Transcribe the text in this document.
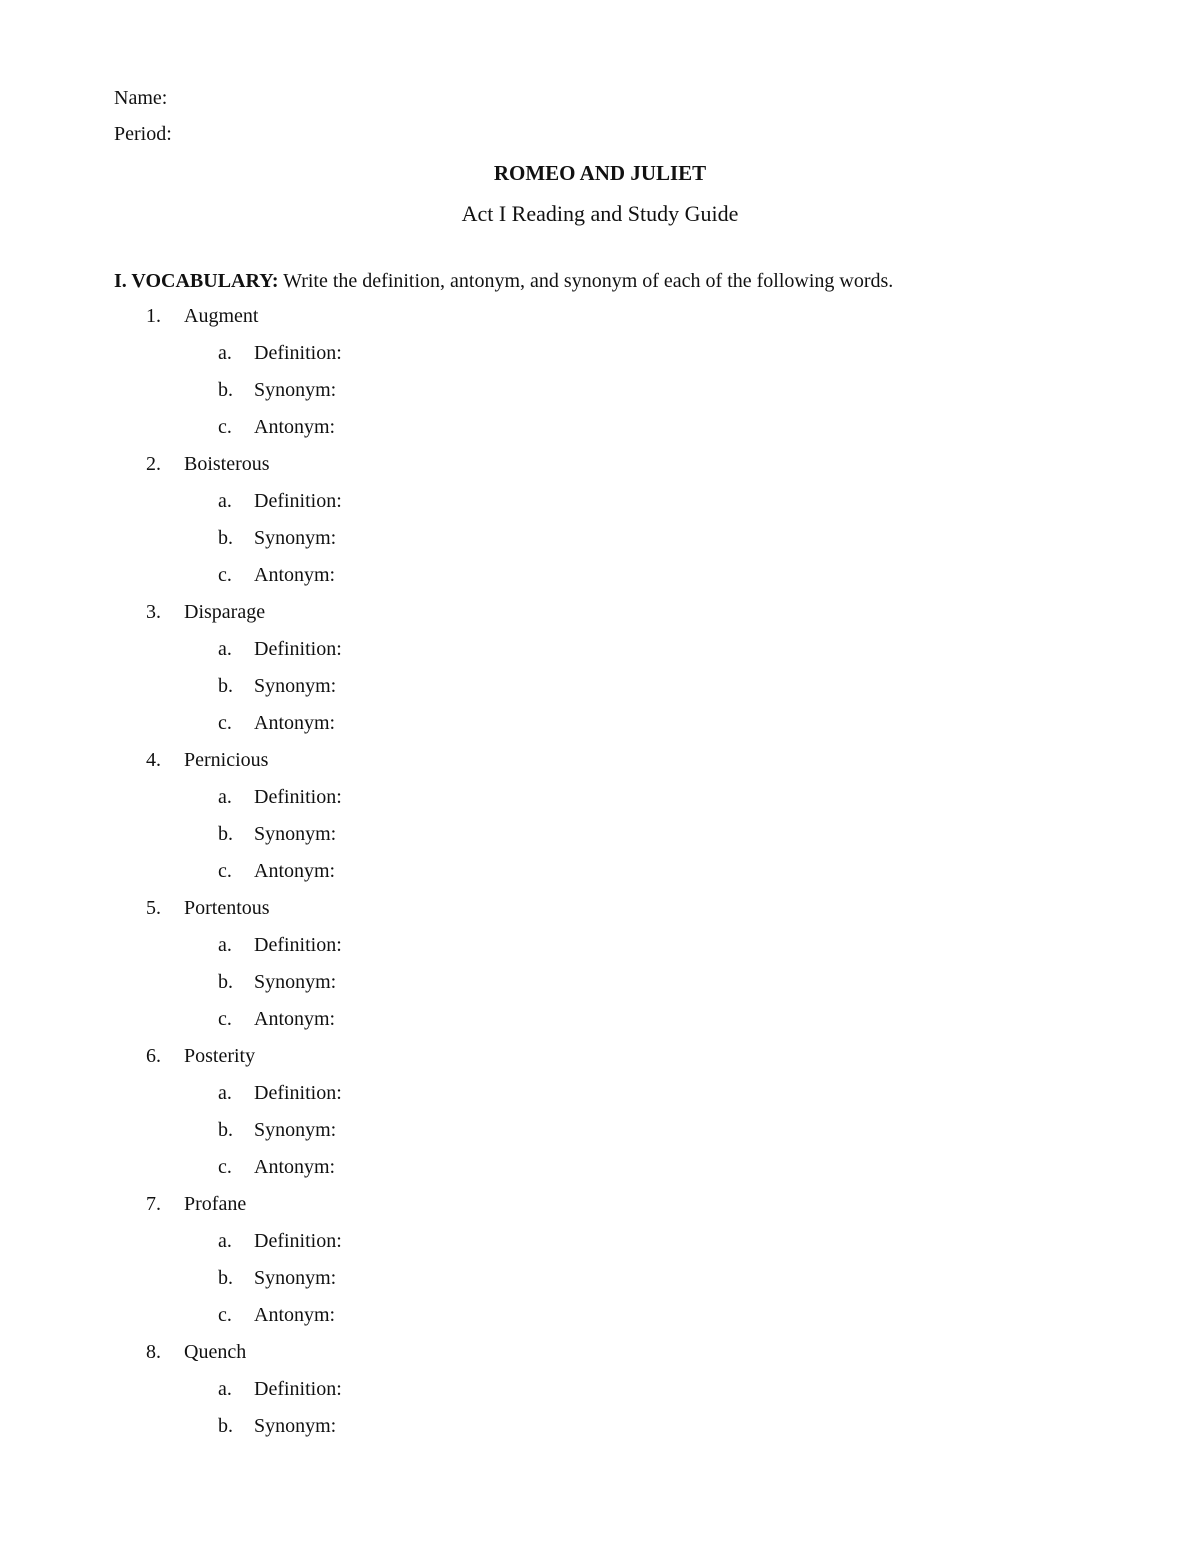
Name:
Period:
ROMEO AND JULIET
Act I Reading and Study Guide
I. VOCABULARY: Write the definition, antonym, and synonym of each of the following words.
1. Augment
a. Definition:
b. Synonym:
c. Antonym:
2. Boisterous
a. Definition:
b. Synonym:
c. Antonym:
3. Disparage
a. Definition:
b. Synonym:
c. Antonym:
4. Pernicious
a. Definition:
b. Synonym:
c. Antonym:
5. Portentous
a. Definition:
b. Synonym:
c. Antonym:
6. Posterity
a. Definition:
b. Synonym:
c. Antonym:
7. Profane
a. Definition:
b. Synonym:
c. Antonym:
8. Quench
a. Definition:
b. Synonym:
